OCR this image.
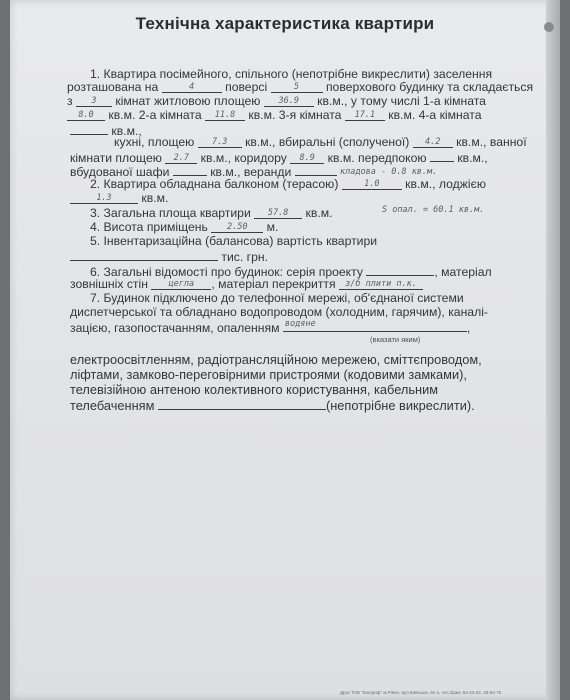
Технічна характеристика квартири
1. Квартира посімейного, спільного (непотрібне викреслити) заселення
розташована на	4	поверсі	5 поверхового будинку та складається
з 3 кімнат житловою площею 36.9 кв.м., у тому числі 1-а кімната
8.0 кв.м. 2-а кімната 11.8 кв.м. 3-я кімната 17.1 кв.м. 4-а кімната
кв.м.,
кухні, площею 7.3 кв.м., вбиральні (сполученої) 4.2 кв.м., ванної
кімнати площею 2.7 кв.м., коридору 8.9 кв.м. передпокою	кв.м.,
вбудованої шафи	кв.м., веранди	кладова - 0.8 кв.м.
2. Квартира обладнана балконом (терасою)	1.0 кв.м., лоджією
1.3 кв.м.
3. Загальна площа квартири 57.8 кв.м.	S опал. = 60.1 кв.м.
4. Висота приміщень 2.50 м.
5. Інвентаризаційна (балансова) вартість квартири
тис. грн.
6. Загальні відомості про будинок: серія проекту	, матеріал
зовнішніх стін цегла , матеріал перекриття з/б плити п.к.
7. Будинок підключено до телефонної мережі, об'єднаної системи
диспетчерської та обладнано водопроводом (холодним, гарячим), каналі-
зацією, газопостачанням, опаленням водяне	,
(вказати яким)
електроосвітленням, радіотрансляційною мережею, сміттєпроводом,
ліфтами, замково-переговірними пристроями (кодовими замками),
телевізійною антеною колективного користування, кабельним
телебаченням	(непотрібне викреслити).
Друк ТОВ "Біоприф" м.Рівне, вул.Київська, 84 а, тел./факс 64-24-22, 28-64-75
